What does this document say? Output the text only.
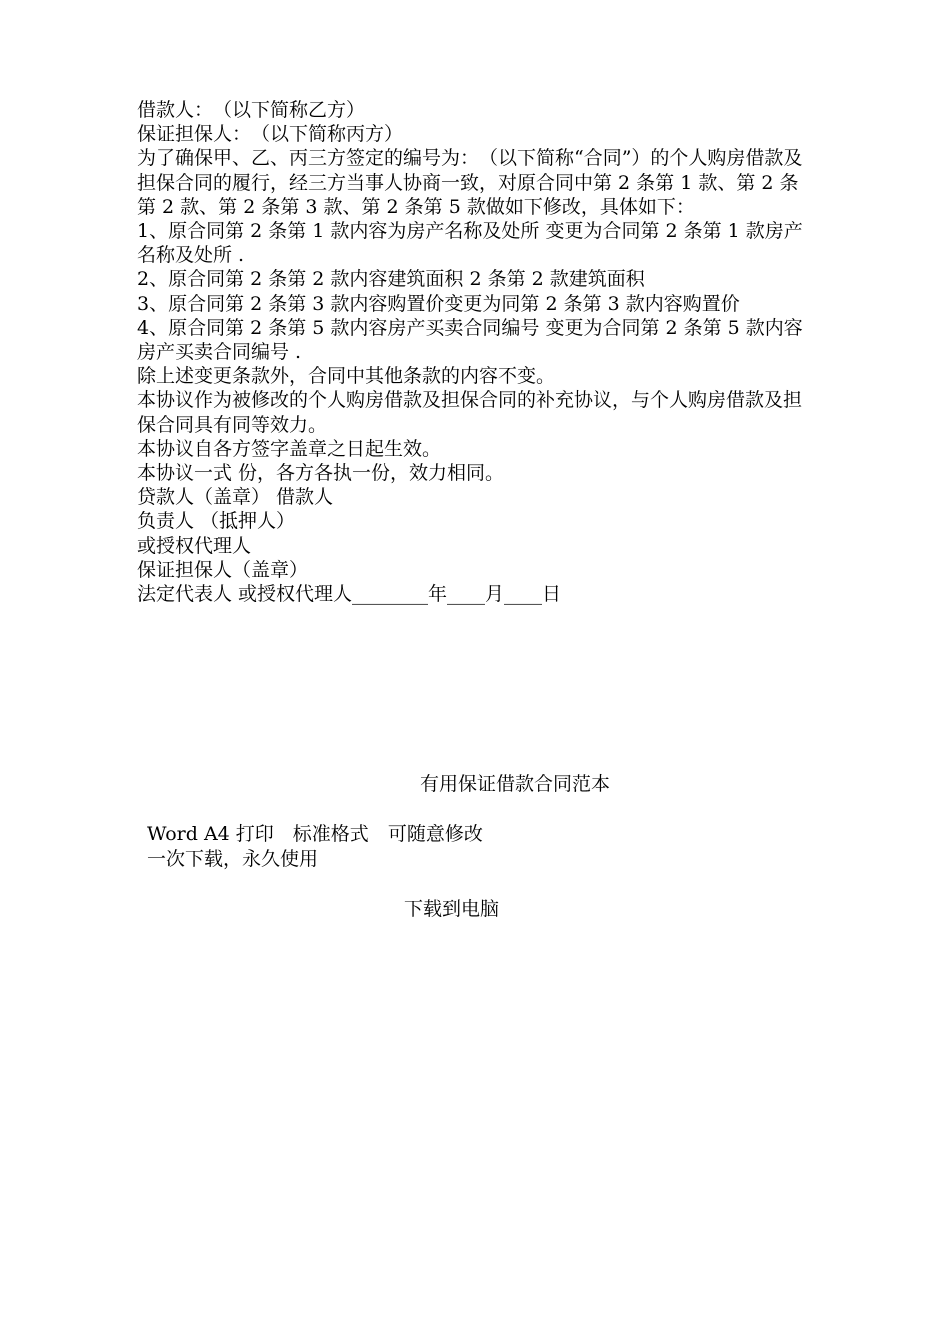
借款人：　（以下简称乙方）

保证担保人：　（以下简称丙方）

为了确保甲、乙、丙三方签定的编号为：　（以下简称“合同”）的个人购房借款及担保合同的履行，经三方当事人协商一致，对原合同中第 2 条第 1 款、第 2 条第 2 款、第 2 条第 3 款、第 2 条第 5 款做如下修改，具体如下：

1、原合同第 2 条第 1 款内容为房产名称及处所 变更为合同第 2 条第 1 款房产名称及处所 .

2、原合同第 2 条第 2 款内容建筑面积 2 条第 2 款建筑面积

3、原合同第 2 条第 3 款内容购置价变更为同第 2 条第 3 款内容购置价

4、原合同第 2 条第 5 款内容房产买卖合同编号 变更为合同第 2 条第 5 款内容房产买卖合同编号 .

除上述变更条款外，合同中其他条款的内容不变。

本协议作为被修改的个人购房借款及担保合同的补充协议，与个人购房借款及担保合同具有同等效力。

本协议自各方签字盖章之日起生效。

本协议一式 份，各方各执一份，效力相同。

贷款人（盖章） 借款人

负责人 （抵押人）

或授权代理人

保证担保人（盖章）

法定代表人 或授权代理人________年____月____日

有用保证借款合同范本

Word A4 打印　标准格式　可随意修改

一次下载，永久使用

下载到电脑
